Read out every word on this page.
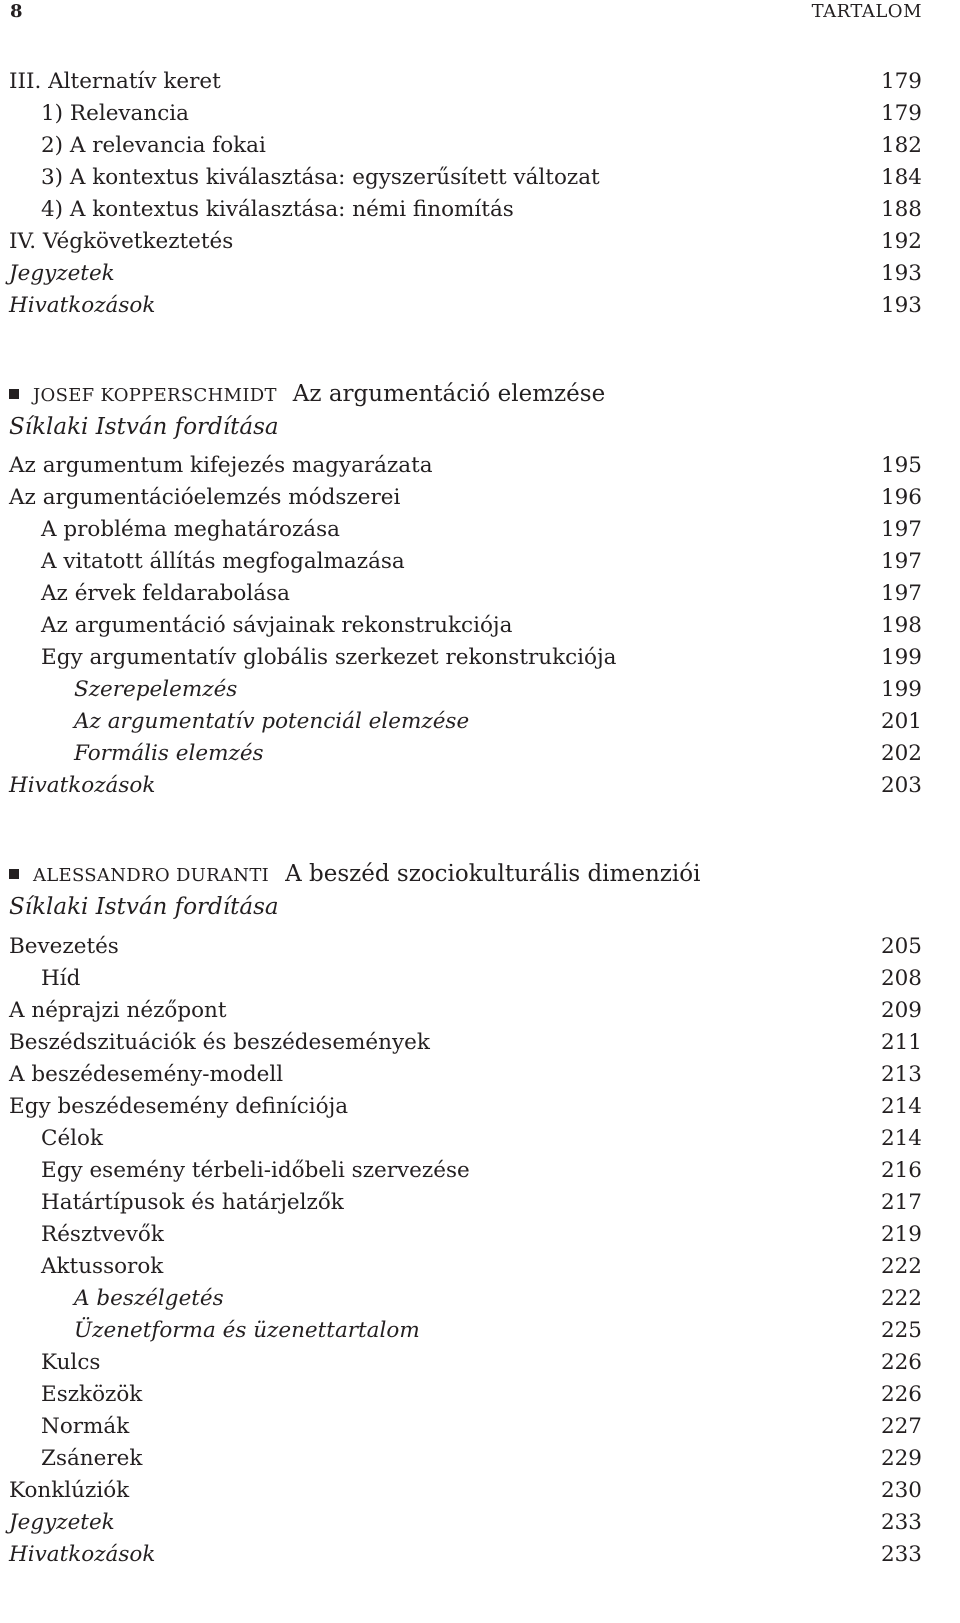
8	TARTALOM
III. Alternatív keret	179
1) Relevancia	179
2) A relevancia fokai	182
3) A kontextus kiválasztása: egyszerűsített változat	184
4) A kontextus kiválasztása: némi finomítás	188
IV. Végkövetkeztetés	192
Jegyzetek	193
Hivatkozások	193
JOSEF KOPPERSCHMIDT Az argumentáció elemzése
Síklaki István fordítása
Az argumentum kifejezés magyarázata	195
Az argumentációelemzés módszerei	196
A probléma meghatározása	197
A vitatott állítás megfogalmazása	197
Az érvek feldarabolása	197
Az argumentáció sávjainak rekonstrukciója	198
Egy argumentatív globális szerkezet rekonstrukciója	199
Szerepelemzés	199
Az argumentatív potenciál elemzése	201
Formális elemzés	202
Hivatkozások	203
ALESSANDRO DURANTI A beszéd szociokulturális dimenziói
Síklaki István fordítása
Bevezetés	205
Híd	208
A néprajzi nézőpont	209
Beszédszituációk és beszédesemények	211
A beszédesemény-modell	213
Egy beszédesemény definíciója	214
Célok	214
Egy esemény térbeli-időbeli szervezése	216
Határtípusok és határjelzők	217
Résztvevők	219
Aktussorok	222
A beszélgetés	222
Üzenetforma és üzenettartalom	225
Kulcs	226
Eszközök	226
Normák	227
Zsánerek	229
Konklúziók	230
Jegyzetek	233
Hivatkozások	233
